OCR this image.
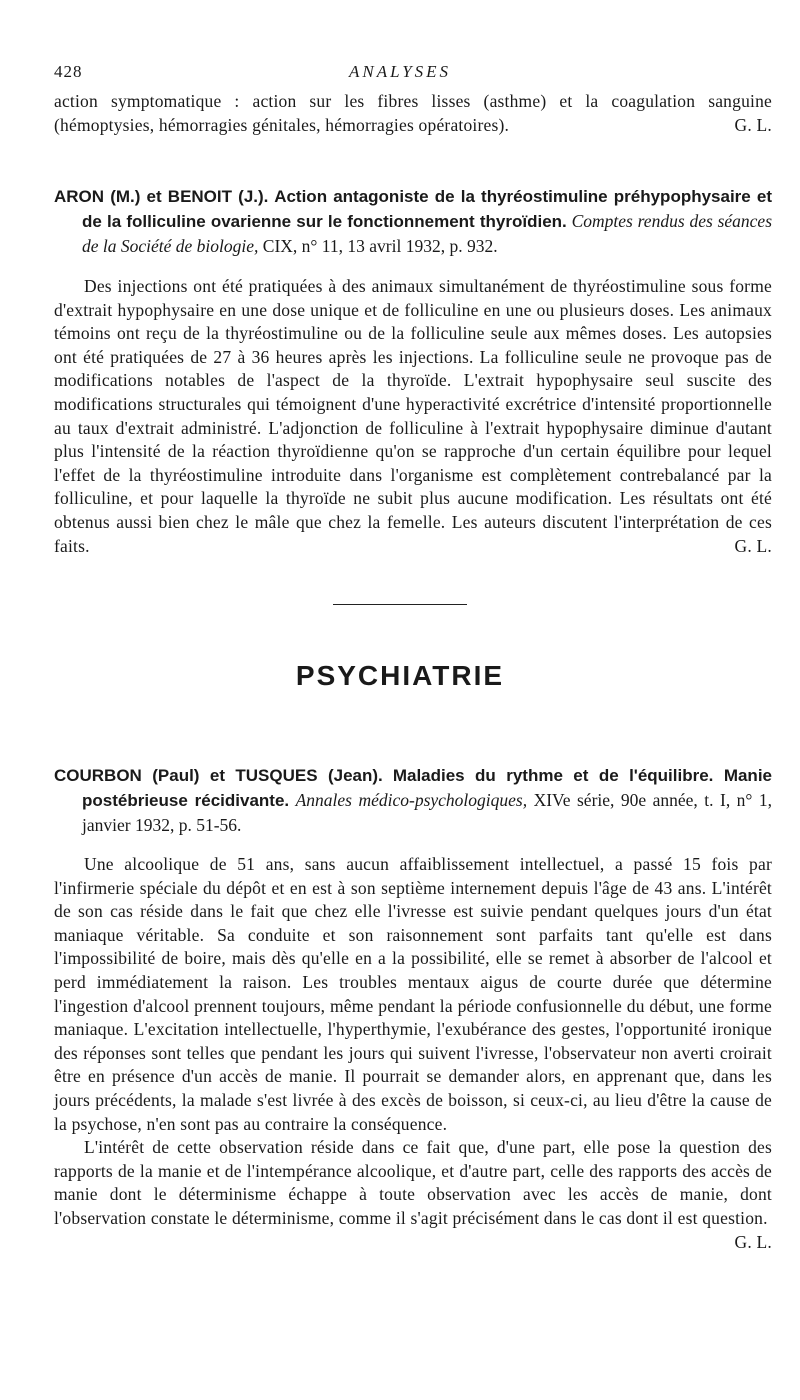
428	ANALYSES

action symptomatique : action sur les fibres lisses (asthme) et la coagulation sanguine (hémoptysies, hémorragies génitales, hémorragies opératoires).	G. L.

ARON (M.) et BENOIT (J.). Action antagoniste de la thyréostimuline préhypophysaire et de la folliculine ovarienne sur le fonctionnement thyroïdien. Comptes rendus des séances de la Société de biologie, CIX, n° 11, 13 avril 1932, p. 932.

Des injections ont été pratiquées à des animaux simultanément de thyréostimuline sous forme d'extrait hypophysaire en une dose unique et de folliculine en une ou plusieurs doses. Les animaux témoins ont reçu de la thyréostimuline ou de la folliculine seule aux mêmes doses. Les autopsies ont été pratiquées de 27 à 36 heures après les injections. La folliculine seule ne provoque pas de modifications notables de l'aspect de la thyroïde. L'extrait hypophysaire seul suscite des modifications structurales qui témoignent d'une hyperactivité excrétrice d'intensité proportionnelle au taux d'extrait administré. L'adjonction de folliculine à l'extrait hypophysaire diminue d'autant plus l'intensité de la réaction thyroïdienne qu'on se rapproche d'un certain équilibre pour lequel l'effet de la thyréostimuline introduite dans l'organisme est complètement contrebalancé par la folliculine, et pour laquelle la thyroïde ne subit plus aucune modification. Les résultats ont été obtenus aussi bien chez le mâle que chez la femelle. Les auteurs discutent l'interprétation de ces faits.	G. L.

PSYCHIATRIE
COURBON (Paul) et TUSQUES (Jean). Maladies du rythme et de l'équilibre. Manie postébrieuse récidivante. Annales médico-psychologiques, XIVe série, 90e année, t. I, n° 1, janvier 1932, p. 51-56.

Une alcoolique de 51 ans, sans aucun affaiblissement intellectuel, a passé 15 fois par l'infirmerie spéciale du dépôt et en est à son septième internement depuis l'âge de 43 ans. L'intérêt de son cas réside dans le fait que chez elle l'ivresse est suivie pendant quelques jours d'un état maniaque véritable. Sa conduite et son raisonnement sont parfaits tant qu'elle est dans l'impossibilité de boire, mais dès qu'elle en a la possibilité, elle se remet à absorber de l'alcool et perd immédiatement la raison. Les troubles mentaux aigus de courte durée que détermine l'ingestion d'alcool prennent toujours, même pendant la période confusionnelle du début, une forme maniaque. L'excitation intellectuelle, l'hyperthymie, l'exubérance des gestes, l'opportunité ironique des réponses sont telles que pendant les jours qui suivent l'ivresse, l'observateur non averti croirait être en présence d'un accès de manie. Il pourrait se demander alors, en apprenant que, dans les jours précédents, la malade s'est livrée à des excès de boisson, si ceux-ci, au lieu d'être la cause de la psychose, n'en sont pas au contraire la conséquence.

L'intérêt de cette observation réside dans ce fait que, d'une part, elle pose la question des rapports de la manie et de l'intempérance alcoolique, et d'autre part, celle des rapports des accès de manie dont le déterminisme échappe à toute observation avec les accès de manie, dont l'observation constate le déterminisme, comme il s'agit précisément dans le cas dont il est question.
G. L.
